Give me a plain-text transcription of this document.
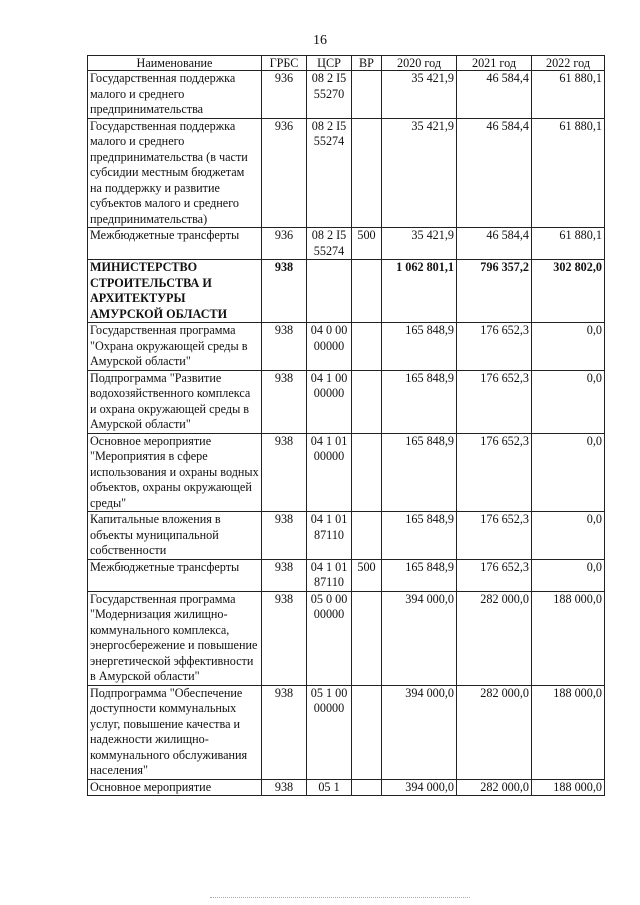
16
Наименование	ГРБС	ЦСР	ВР	2020 год	2021 год	2022 год
Государственная поддержка малого и среднего предпринимательства	936	08 2 I5 55270		35 421,9	46 584,4	61 880,1
Государственная поддержка малого и среднего предпринимательства (в части субсидии местным бюджетам на поддержку и развитие субъектов малого и среднего предпринимательства)	936	08 2 I5 55274		35 421,9	46 584,4	61 880,1
Межбюджетные трансферты	936	08 2 I5 55274	500	35 421,9	46 584,4	61 880,1
МИНИСТЕРСТВО СТРОИТЕЛЬСТВА И АРХИТЕКТУРЫ АМУРСКОЙ ОБЛАСТИ	938			1 062 801,1	796 357,2	302 802,0
Государственная программа "Охрана окружающей среды в Амурской области"	938	04 0 00 00000		165 848,9	176 652,3	0,0
Подпрограмма "Развитие водохозяйственного комплекса и охрана окружающей среды в Амурской области"	938	04 1 00 00000		165 848,9	176 652,3	0,0
Основное мероприятие "Мероприятия в сфере использования и охраны водных объектов, охраны окружающей среды"	938	04 1 01 00000		165 848,9	176 652,3	0,0
Капитальные вложения в объекты муниципальной собственности	938	04 1 01 87110		165 848,9	176 652,3	0,0
Межбюджетные трансферты	938	04 1 01 87110	500	165 848,9	176 652,3	0,0
Государственная программа "Модернизация жилищно-коммунального комплекса, энергосбережение и повышение энергетической эффективности в Амурской области"	938	05 0 00 00000		394 000,0	282 000,0	188 000,0
Подпрограмма "Обеспечение доступности коммунальных услуг, повышение качества и надежности жилищно-коммунального обслуживания населения"	938	05 1 00 00000		394 000,0	282 000,0	188 000,0
Основное мероприятие	938	05 1		394 000,0	282 000,0	188 000,0
